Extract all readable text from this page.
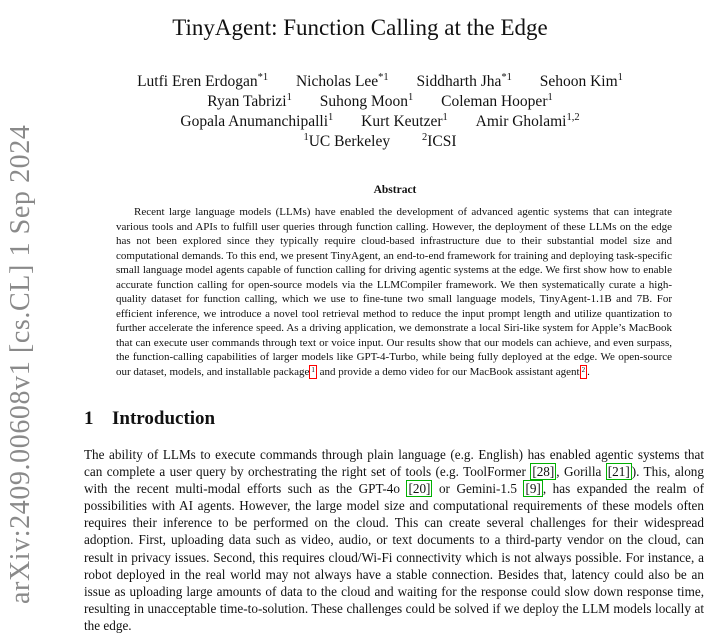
arXiv:2409.00608v1 [cs.CL] 1 Sep 2024
TinyAgent: Function Calling at the Edge
Lutfi Eren Erdogan$^{*1}$ Nicholas Lee$^{*1}$ Siddharth Jha$^{*1}$ Sehoon Kim$^1$
Ryan Tabrizi$^1$ Suhong Moon$^1$ Coleman Hooper$^1$
Gopala Anumanchipalli$^1$ Kurt Keutzer$^1$ Amir Gholami$^{1,2}$
$^1$UC Berkeley	$^2$ICSI
Abstract

Recent large language models (LLMs) have enabled the development of advanced agentic systems that can integrate various tools and APIs to fulfill user queries through function calling. However, the deployment of these LLMs on the edge has not been explored since they typically require cloud-based infrastructure due to their substantial model size and computational demands. To this end, we present TinyAgent, an end-to-end framework for training and deploying task-specific small language model agents capable of function calling for driving agentic systems at the edge. We first show how to enable accurate function calling for open-source models via the LLMCompiler framework. We then systematically curate a high-quality dataset for function calling, which we use to fine-tune two small language models, TinyAgent-1.1B and 7B. For efficient inference, we introduce a novel tool retrieval method to reduce the input prompt length and utilize quantization to further accelerate the inference speed. As a driving application, we demonstrate a local Siri-like system for Apple’s MacBook that can execute user commands through text or voice input. Our results show that our models can achieve, and even surpass, the function-calling capabilities of larger models like GPT-4-Turbo, while being fully deployed at the edge. We open-source our dataset, models, and installable package $^1$ and provide a demo video for our MacBook assistant agent $^2$ .

1 Introduction

The ability of LLMs to execute commands through plain language (e.g. English) has enabled agentic systems that can complete a user query by orchestrating the right set of tools (e.g. ToolFormer [28] , Gorilla [21] ). This, along with the recent multi-modal efforts such as the GPT-4o [20] or Gemini-1.5 [9] , has expanded the realm of possibilities with AI agents. However, the large model size and computational requirements of these models often requires their inference to be performed on the cloud. This can create several challenges for their widespread adoption. First, uploading data such as video, audio, or text documents to a third-party vendor on the cloud, can result in privacy issues. Second, this requires cloud/Wi-Fi connectivity which is not always possible. For instance, a robot deployed in the real world may not always have a stable connection. Besides that, latency could also be an issue as uploading large amounts of data to the cloud and waiting for the response could slow down response time, resulting in unacceptable time-to-solution. These challenges could be solved if we deploy the LLM models locally at the edge.
